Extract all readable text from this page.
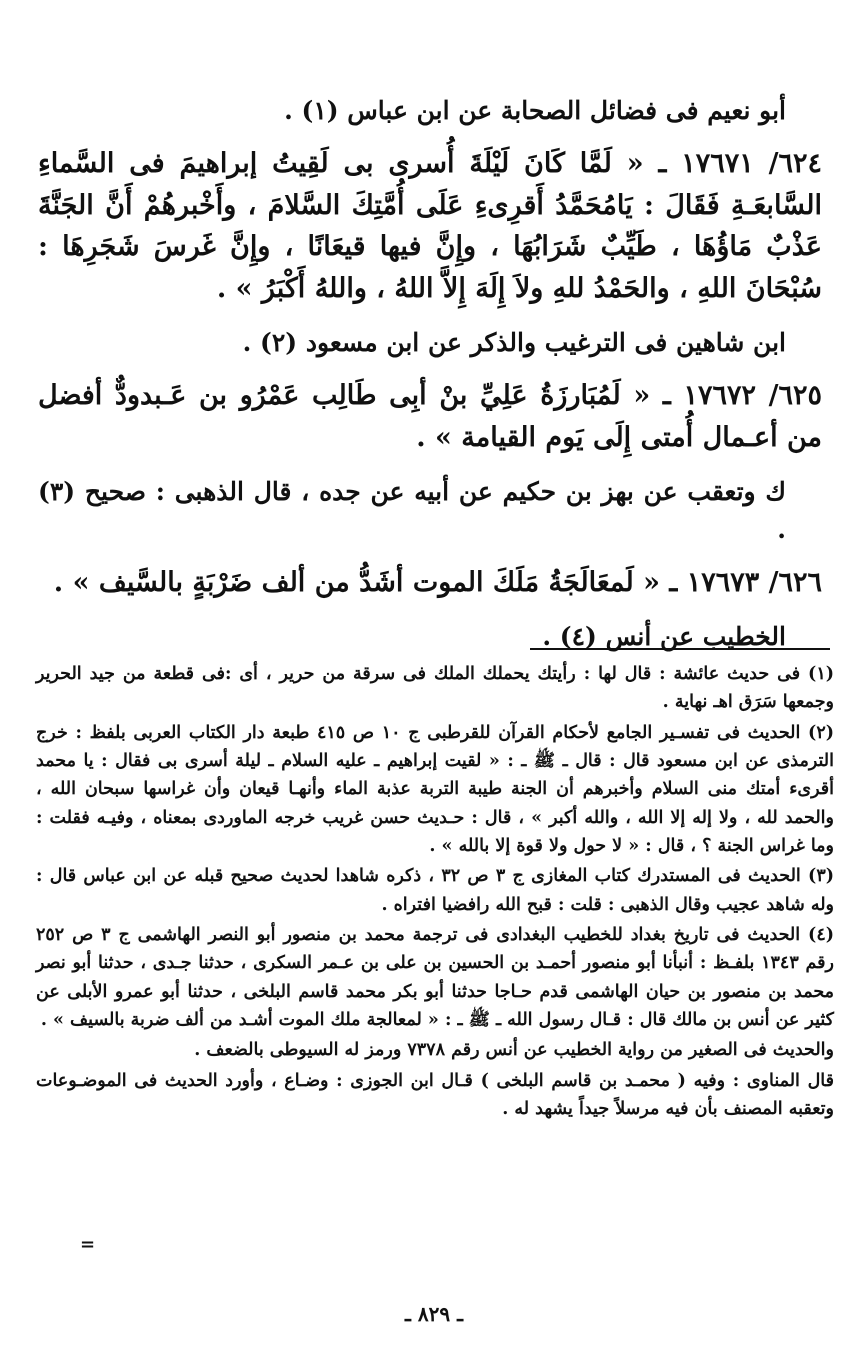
أبو نعيم فى فضائل الصحابة عن ابن عباس (١) .

٦٢٤/ ١٧٦٧١ ـ « لَمَّا كَانَ لَيْلَةَ أُسرى بى لَقِيتُ إبراهيمَ فى السَّماءِ السَّابعَـةِ فَقَالَ : يَامُحَمَّدُ أَقرِىءِ عَلَى أُمَّتِكَ السَّلامَ ، وأَخْبرهُمْ أَنَّ الجَنَّةَ عَذْبٌ مَاؤُهَا ، طَيِّبٌ شَرَابُهَا ، وإِنَّ فيها قيعَانًا ، وإِنَّ غَرسَ شَجَرِهَا : سُبْحَانَ اللهِ ، والحَمْدُ للهِ ولاَ إِلَهَ إِلاَّ اللهُ ، واللهُ أَكْبَرُ » .

ابن شاهين فى الترغيب والذكر عن ابن مسعود (٢) .

٦٢٥/ ١٧٦٧٢ ـ « لَمُبَارزَةُ عَلِيِّ بنْ أبِى طَالِب عَمْرُو بن عَـبدودٌّ أفضل من أعـمال أُمتى إِلَى يَوم القيامة » .

ك وتعقب عن بهز بن حكيم عن أبيه عن جده ، قال الذهبى : صحيح (٣) .

٦٢٦/ ١٧٦٧٣ ـ « لَمعَالَجَةُ مَلَكَ الموت أشَدُّ من ألف ضَرْبَةٍ بالسَّيف » .

الخطيب عن أنس (٤) .

(١) فى حديث عائشة : قال لها : رأيتك يحملك الملك فى سرقة من حرير ، أى :فى قطعة من جيد الحرير وجمعها سَرَق اهـ نهاية .

(٢) الحديث فى تفسـير الجامع لأحكام القرآن للقرطبى ج ١٠ ص ٤١٥ طبعة دار الكتاب العربى بلفظ : خرج الترمذى عن ابن مسعود قال : قال ـ ﷺ ـ : « لقيت إبراهيم ـ عليه السلام ـ ليلة أسرى بى فقال : يا محمد أقرىء أمتك منى السلام وأخبرهم أن الجنة طيبة التربة عذبة الماء وأنهـا قيعان وأن غراسها سبحان الله ، والحمد لله ، ولا إله إلا الله ، والله أكبر » ، قال : حـديث حسن غريب خرجه الماوردى بمعناه ، وفيـه فقلت : وما غراس الجنة ؟ ، قال : « لا حول ولا قوة إلا بالله » .

(٣) الحديث فى المستدرك كتاب المغازى ج ٣ ص ٣٢ ، ذكره شاهدا لحديث صحيح قبله عن ابن عباس قال : وله شاهد عجيب وقال الذهبى : قلت : قبح الله رافضيا افتراه .

(٤) الحديث فى تاريخ بغداد للخطيب البغدادى فى ترجمة محمد بن منصور أبو النصر الهاشمى ج ٣ ص ٢٥٢ رقم ١٣٤٣ بلفـظ : أنبأنا أبو منصور أحمـد بن الحسين بن على بن عـمر السكرى ، حدثنا جـدى ، حدثنا أبو نصر محمد بن منصور بن حيان الهاشمى قدم حـاجا حدثنا أبو بكر محمد قاسم البلخى ، حدثنا أبو عمرو الأبلى عن كثير عن أنس بن مالك قال : قـال رسول الله ـ ﷺ ـ : « لمعالجة ملك الموت أشـد من ألف ضربة بالسيف » .

والحديث فى الصغير من رواية الخطيب عن أنس رقم ٧٣٧٨ ورمز له السيوطى بالضعف .

قال المناوى : وفيه ( محمـد بن قاسم البلخى ) قـال ابن الجوزى : وضـاع ، وأورد الحديث فى الموضـوعات وتعقبه المصنف بأن فيه مرسلاً جيداً يشهد له .

=
ـ ٨٢٩ ـ
